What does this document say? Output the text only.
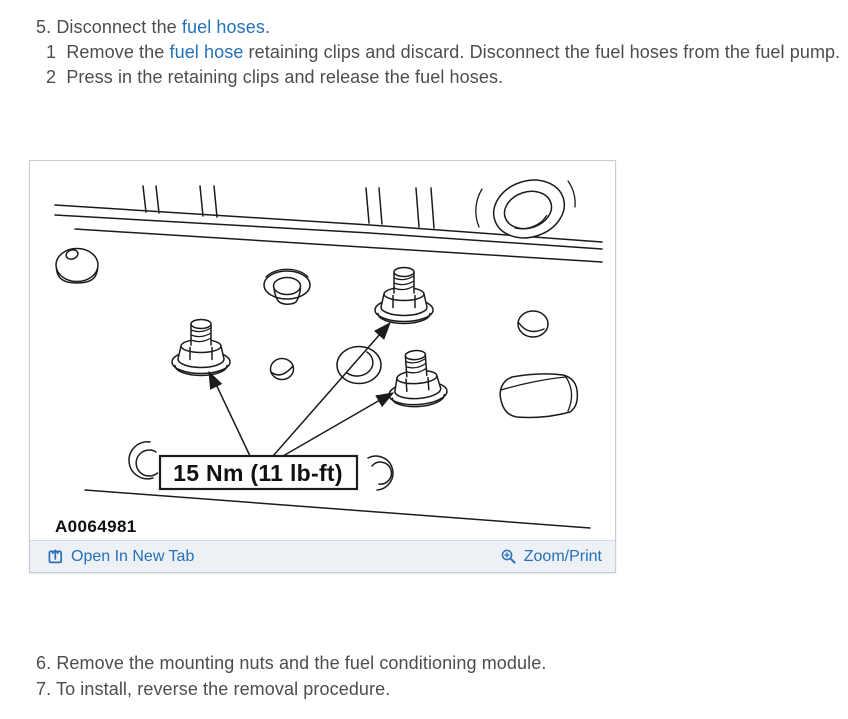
5. Disconnect the fuel hoses.
1  Remove the fuel hose retaining clips and discard. Disconnect the fuel hoses from the fuel pump.
2  Press in the retaining clips and release the fuel hoses.
15 Nm (11 lb-ft)
A0064981
Open In New Tab	Zoom/Print
6. Remove the mounting nuts and the fuel conditioning module.
7. To install, reverse the removal procedure.
